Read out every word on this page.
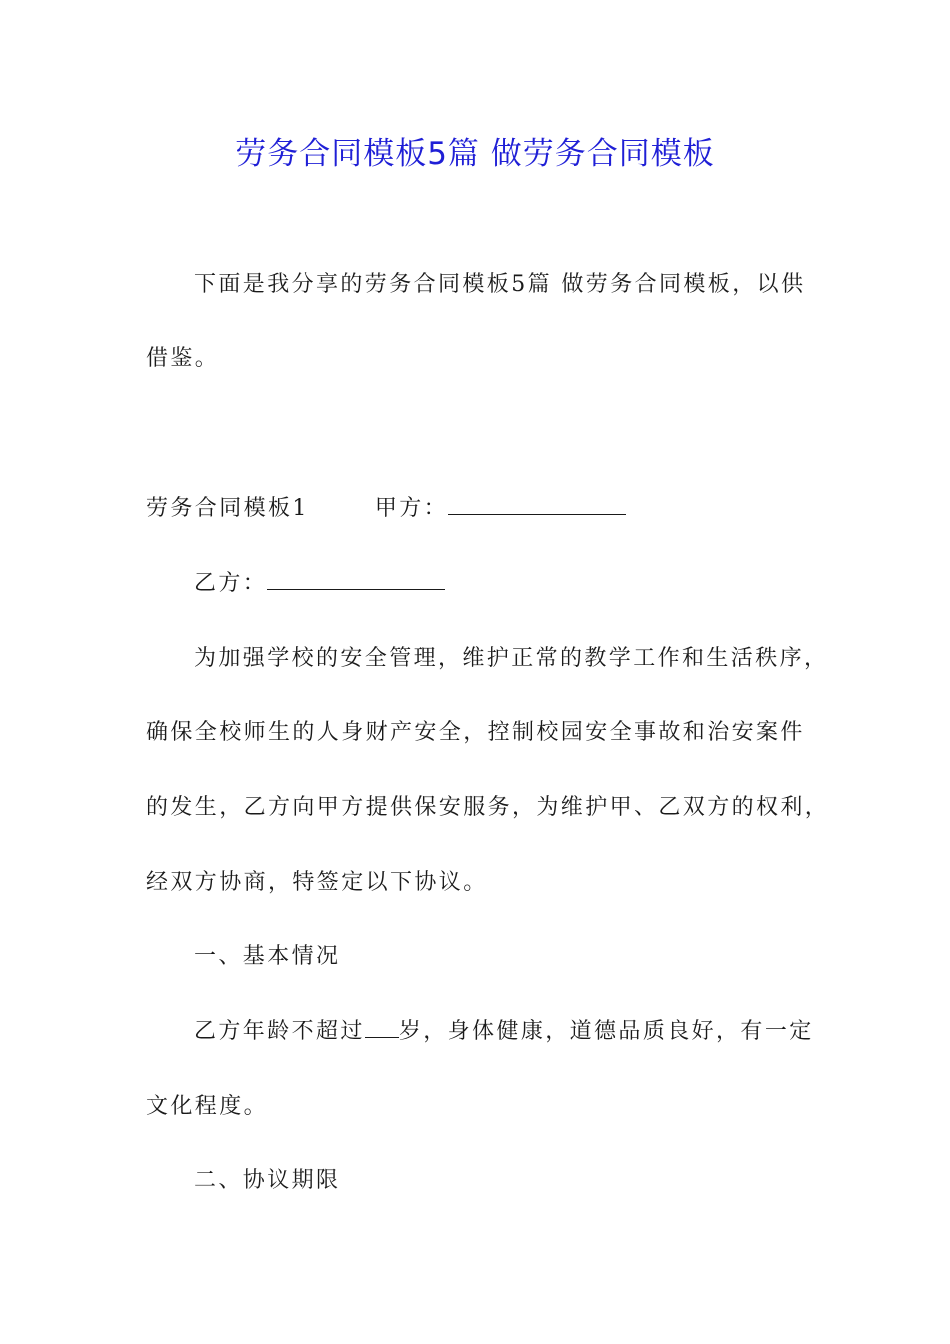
劳务合同模板5篇 做劳务合同模板
下面是我分享的劳务合同模板5篇 做劳务合同模板，以供
借鉴。
劳务合同模板1	甲方：
乙方：
为加强学校的安全管理，维护正常的教学工作和生活秩序，
确保全校师生的人身财产安全，控制校园安全事故和治安案件
的发生，乙方向甲方提供保安服务，为维护甲、乙双方的权利，
经双方协商，特签定以下协议。
一、基本情况
乙方年龄不超过 岁，身体健康，道德品质良好，有一定
文化程度。
二、协议期限
